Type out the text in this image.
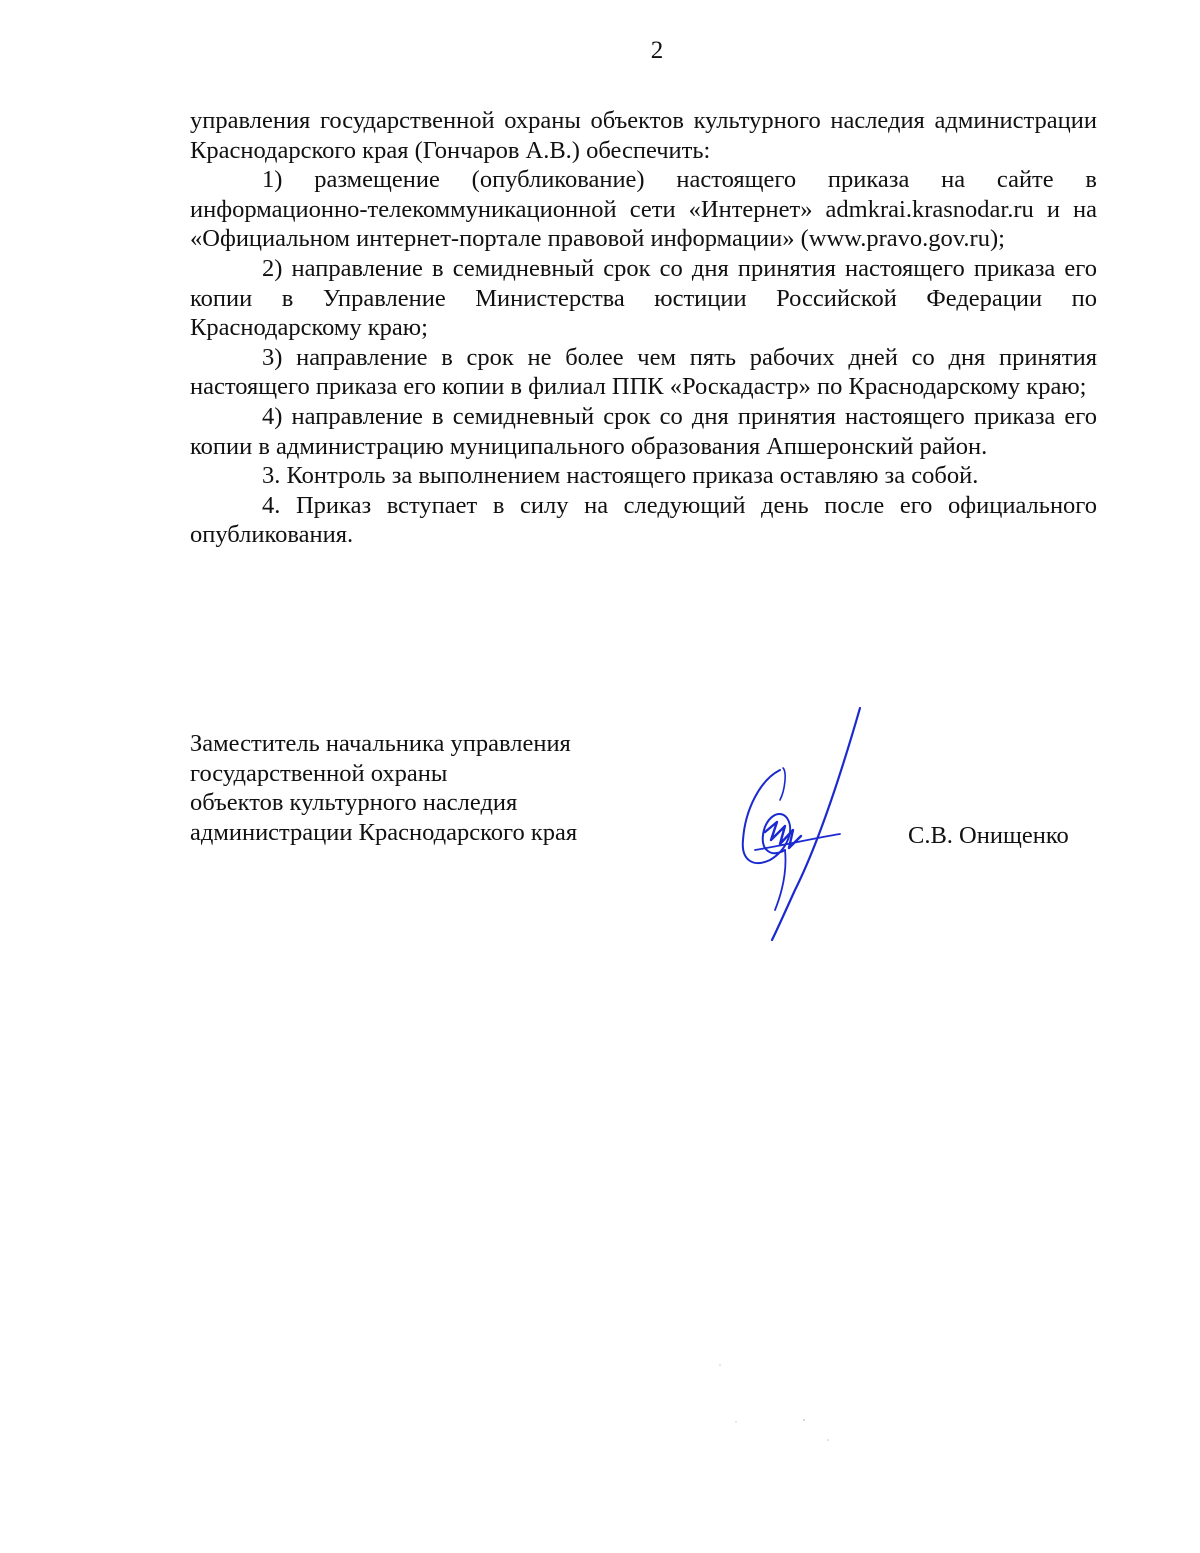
2

управления государственной охраны объектов культурного наследия администрации Краснодарского края (Гончаров А.В.) обеспечить:

1) размещение (опубликование) настоящего приказа на сайте в информационно-телекоммуникационной сети «Интернет» admkrai.krasnodar.ru и на «Официальном интернет-портале правовой информации» (www.pravo.gov.ru);

2) направление в семидневный срок со дня принятия настоящего приказа его копии в Управление Министерства юстиции Российской Федерации по Краснодарскому краю;

3) направление в срок не более чем пять рабочих дней со дня принятия настоящего приказа его копии в филиал ППК «Роскадастр» по Краснодарскому краю;

4) направление в семидневный срок со дня принятия настоящего приказа его копии в администрацию муниципального образования Апшеронский район.

3. Контроль за выполнением настоящего приказа оставляю за собой.

4. Приказ вступает в силу на следующий день после его официального опубликования.

Заместитель начальника управления
государственной охраны
объектов культурного наследия
администрации Краснодарского края	С.В. Онищенко
